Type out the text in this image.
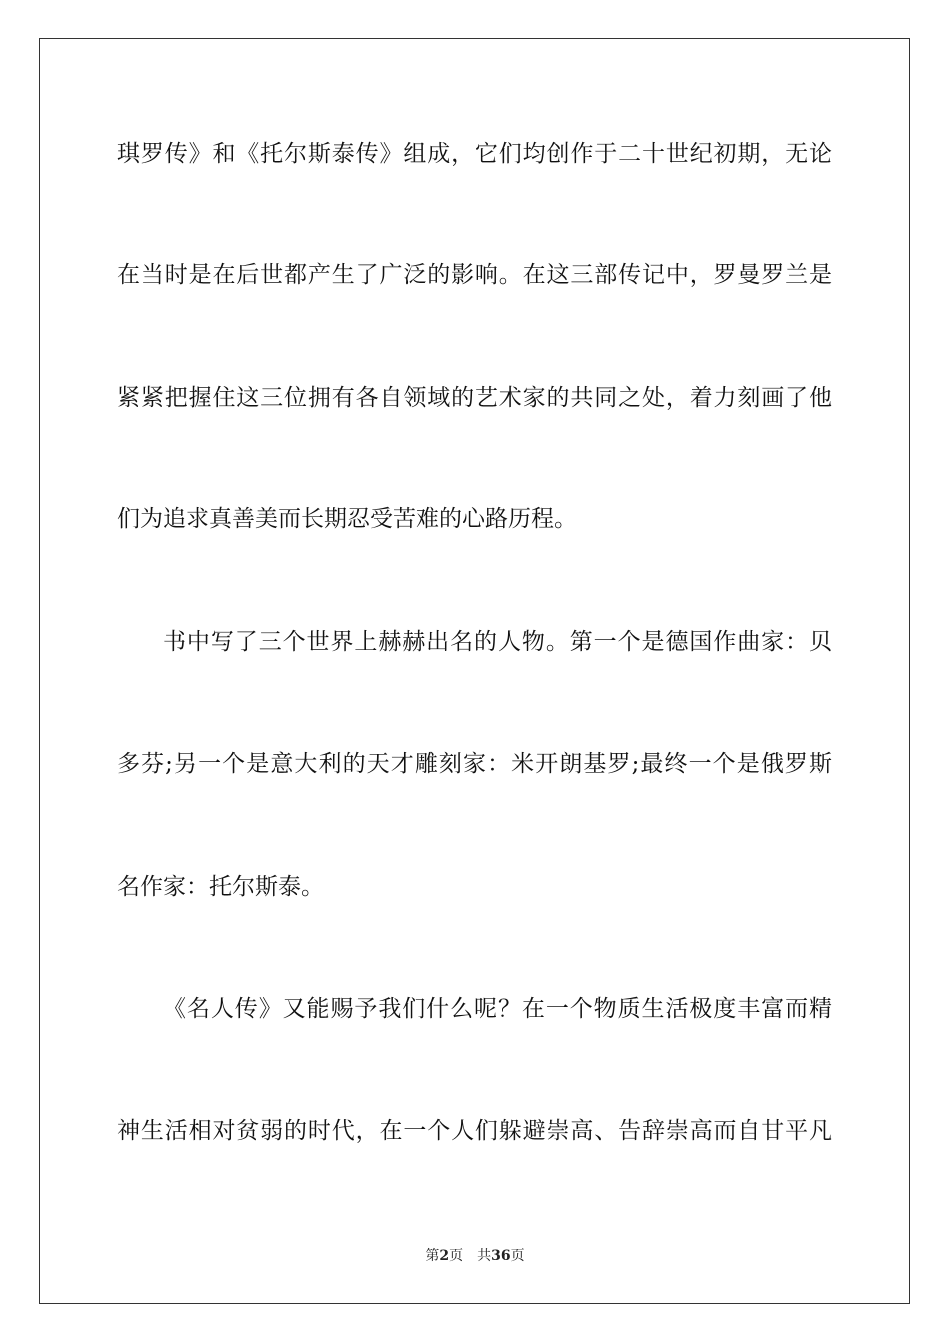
琪罗传》和《托尔斯泰传》组成，它们均创作于二十世纪初期，无论
在当时是在后世都产生了广泛的影响。在这三部传记中，罗曼罗兰是
紧紧把握住这三位拥有各自领域的艺术家的共同之处，着力刻画了他
们为追求真善美而长期忍受苦难的心路历程。
书中写了三个世界上赫赫出名的人物。第一个是德国作曲家：贝
多芬;另一个是意大利的天才雕刻家：米开朗基罗;最终一个是俄罗斯
名作家：托尔斯泰。
《名人传》又能赐予我们什么呢？在一个物质生活极度丰富而精
神生活相对贫弱的时代，在一个人们躲避崇高、告辞崇高而自甘平凡
第2页 共36页
